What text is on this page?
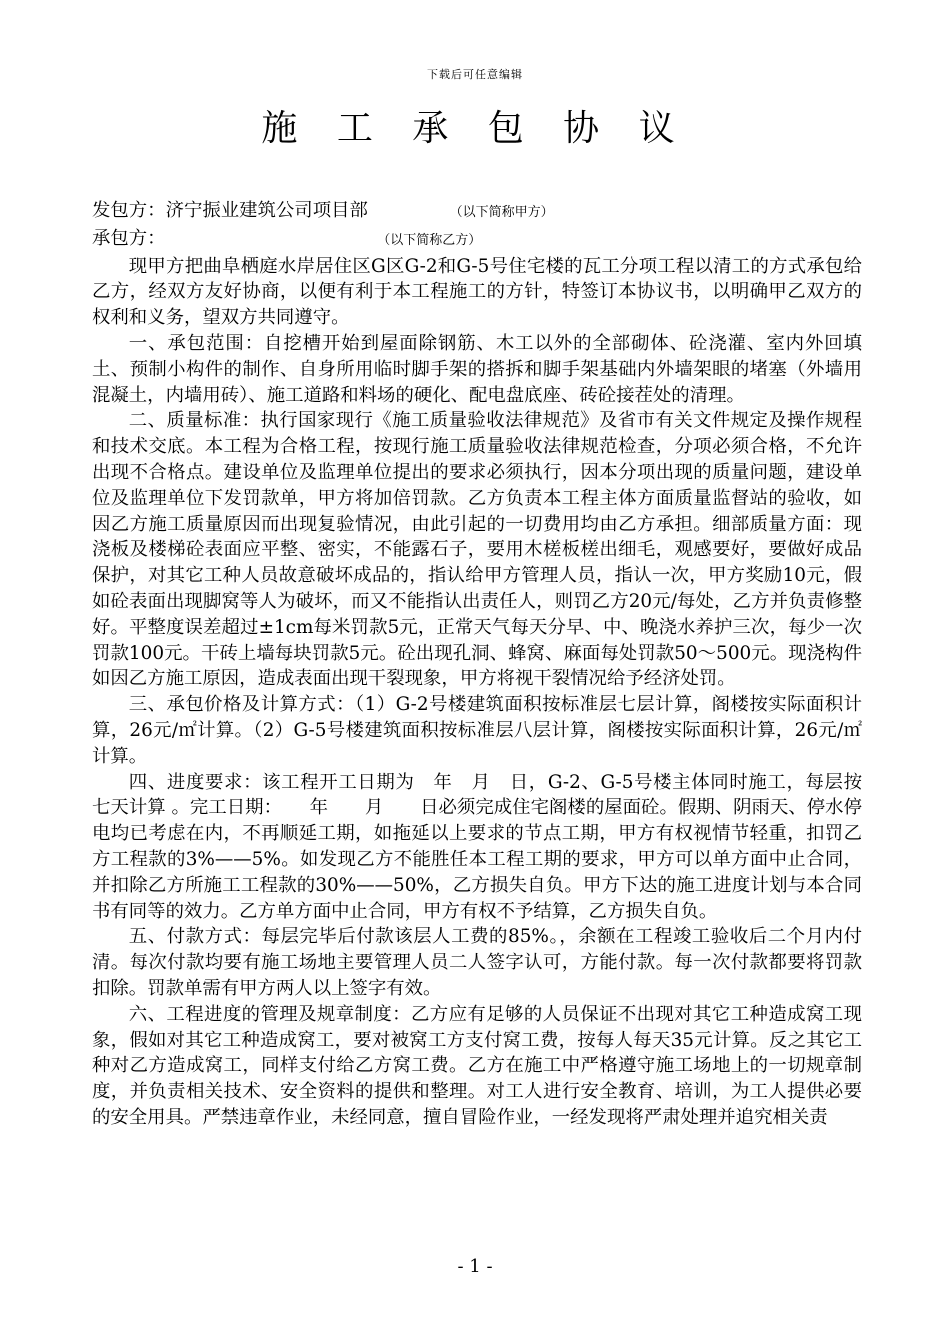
下载后可任意编辑
施 工 承 包 协 议
发包方：济宁振业建筑公司项目部	（以下简称甲方）
承包方：	（以下简称乙方）

现甲方把曲阜栖庭水岸居住区G区G-2和G-5号住宅楼的瓦工分项工程以清工的方式承包给乙方，经双方友好协商，以便有利于本工程施工的方针，特签订本协议书，以明确甲乙双方的权利和义务，望双方共同遵守。

一、承包范围：自挖槽开始到屋面除钢筋、木工以外的全部砌体、砼浇灌、室内外回填土、预制小构件的制作、自身所用临时脚手架的搭拆和脚手架基础内外墙架眼的堵塞（外墙用混凝土，内墙用砖）、施工道路和料场的硬化、配电盘底座、砖砼接茬处的清理。

二、质量标准：执行国家现行《施工质量验收法律规范》及省市有关文件规定及操作规程和技术交底。本工程为合格工程，按现行施工质量验收法律规范检查，分项必须合格，不允许出现不合格点。建设单位及监理单位提出的要求必须执行，因本分项出现的质量问题，建设单位及监理单位下发罚款单，甲方将加倍罚款。乙方负责本工程主体方面质量监督站的验收，如因乙方施工质量原因而出现复验情况，由此引起的一切费用均由乙方承担。细部质量方面：现浇板及楼梯砼表面应平整、密实，不能露石子，要用木槎板槎出细毛，观感要好，要做好成品保护，对其它工种人员故意破坏成品的，指认给甲方管理人员，指认一次，甲方奖励10元，假如砼表面出现脚窝等人为破坏，而又不能指认出责任人，则罚乙方20元/每处，乙方并负责修整好。平整度误差超过±1cm每米罚款5元，正常天气每天分早、中、晚浇水养护三次，每少一次罚款100元。干砖上墙每块罚款5元。砼出现孔洞、蜂窝、麻面每处罚款50～500元。现浇构件如因乙方施工原因，造成表面出现干裂现象，甲方将视干裂情况给予经济处罚。

三、承包价格及计算方式：（1）G-2号楼建筑面积按标准层七层计算，阁楼按实际面积计算，26元/㎡计算。（2）G-5号楼建筑面积按标准层八层计算，阁楼按实际面积计算，26元/㎡计算。

四、进度要求：该工程开工日期为　年　月　日，G-2、G-5号楼主体同时施工，每层按 七天计算 。完工日期：　　年　　月　　日必须完成住宅阁楼的屋面砼。假期、阴雨天、停水停电均已考虑在内，不再顺延工期，如拖延以上要求的节点工期，甲方有权视情节轻重，扣罚乙方工程款的3%——5%。如发现乙方不能胜任本工程工期的要求，甲方可以单方面中止合同，并扣除乙方所施工工程款的30%——50%，乙方损失自负。甲方下达的施工进度计划与本合同书有同等的效力。乙方单方面中止合同，甲方有权不予结算，乙方损失自负。

五、付款方式：每层完毕后付款该层人工费的85%。，余额在工程竣工验收后二个月内付清。每次付款均要有施工场地主要管理人员二人签字认可，方能付款。每一次付款都要将罚款扣除。罚款单需有甲方两人以上签字有效。

六、工程进度的管理及规章制度：乙方应有足够的人员保证不出现对其它工种造成窝工现象，假如对其它工种造成窝工，要对被窝工方支付窝工费，按每人每天35元计算。反之其它工种对乙方造成窝工，同样支付给乙方窝工费。乙方在施工中严格遵守施工场地上的一切规章制度，并负责相关技术、安全资料的提供和整理。对工人进行安全教育、培训，为工人提供必要的安全用具。严禁违章作业，未经同意，擅自冒险作业，一经发现将严肃处理并追究相关责

- 1 -
